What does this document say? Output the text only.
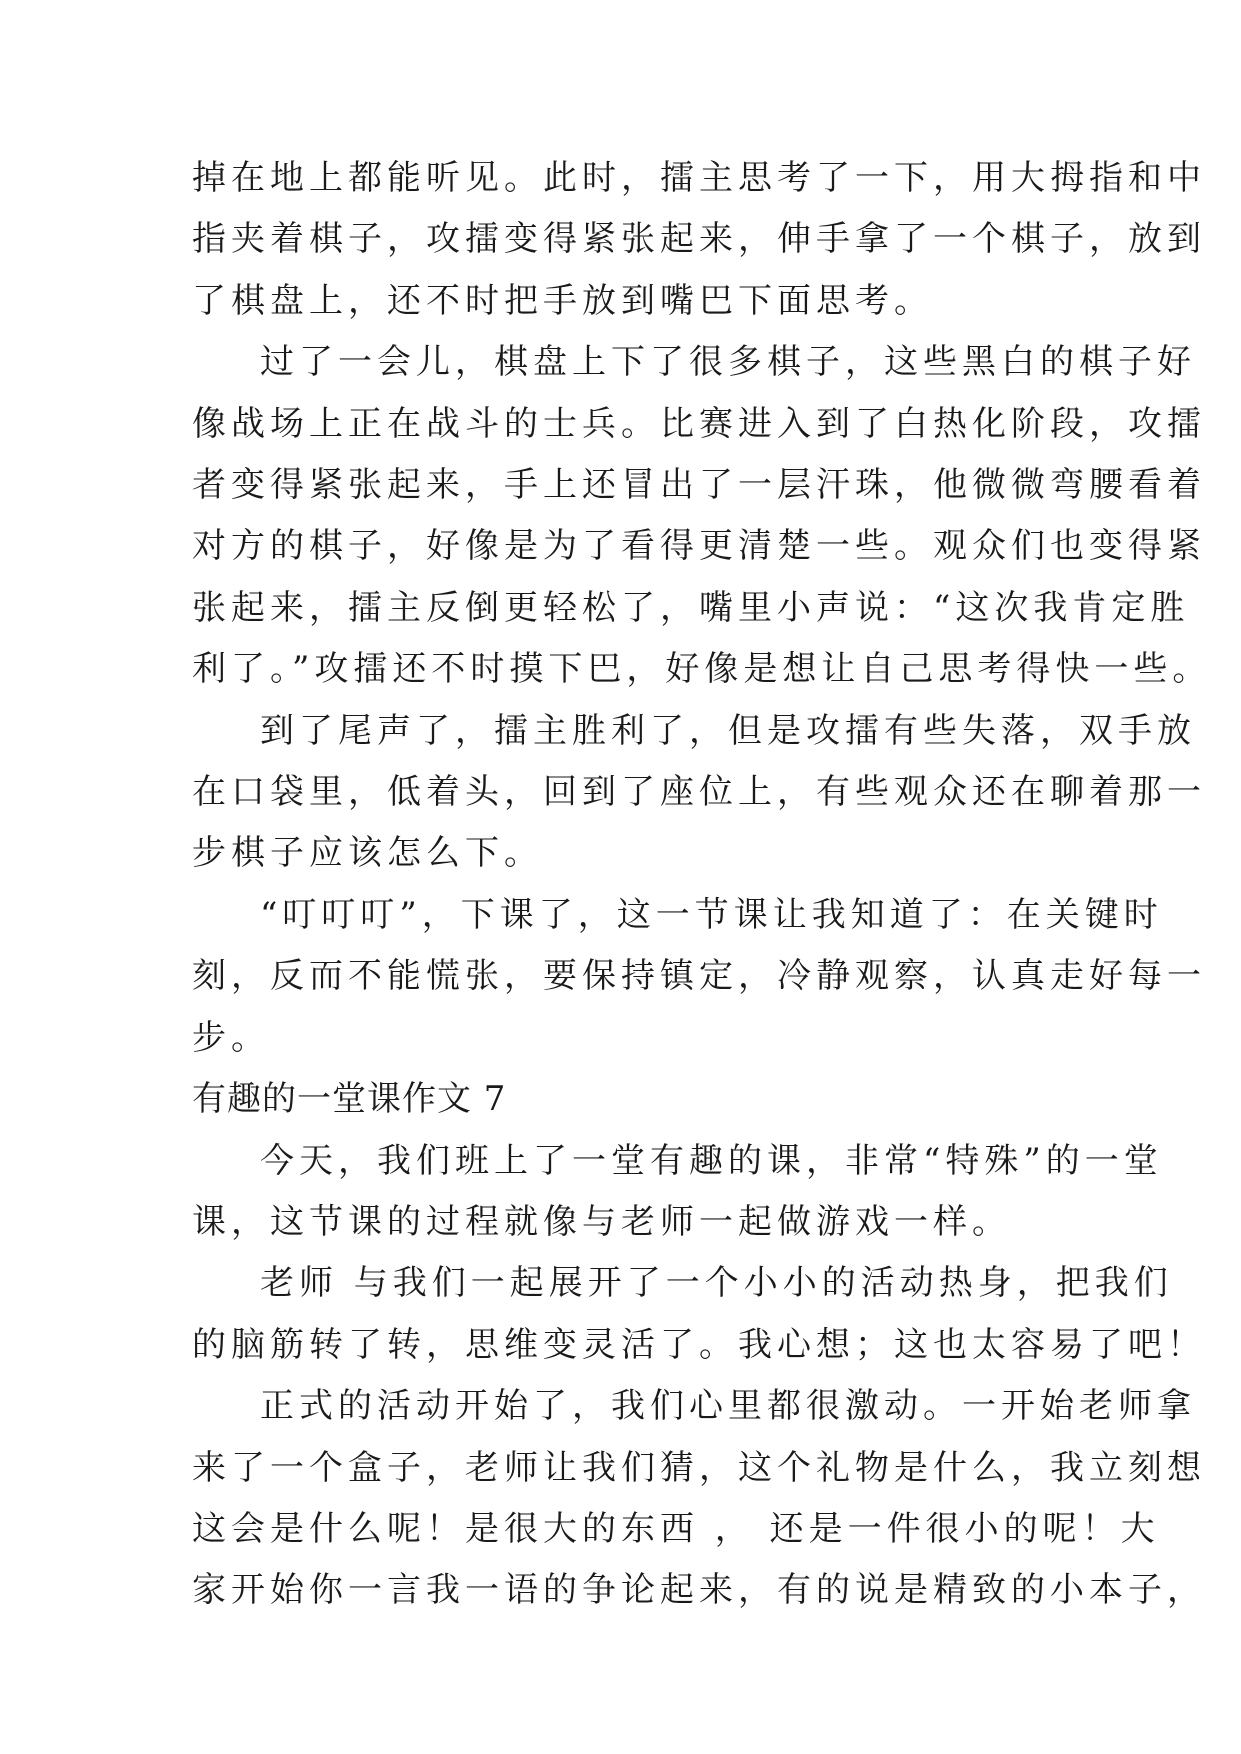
掉在地上都能听见。此时，擂主思考了一下，用大拇指和中
指夹着棋子，攻擂变得紧张起来，伸手拿了一个棋子，放到
了棋盘上，还不时把手放到嘴巴下面思考。
过了一会儿，棋盘上下了很多棋子，这些黑白的棋子好
像战场上正在战斗的士兵。比赛进入到了白热化阶段，攻擂
者变得紧张起来，手上还冒出了一层汗珠，他微微弯腰看着
对方的棋子，好像是为了看得更清楚一些。观众们也变得紧
张起来，擂主反倒更轻松了，嘴里小声说：“这次我肯定胜
利了。”攻擂还不时摸下巴，好像是想让自己思考得快一些。
到了尾声了，擂主胜利了，但是攻擂有些失落，双手放
在口袋里，低着头，回到了座位上，有些观众还在聊着那一
步棋子应该怎么下。
“叮叮叮”，下课了，这一节课让我知道了：在关键时
刻，反而不能慌张，要保持镇定，冷静观察，认真走好每一
步。
有趣的一堂课作文 7
今天，我们班上了一堂有趣的课，非常“特殊”的一堂
课，这节课的过程就像与老师一起做游戏一样。
老师 与我们一起展开了一个小小的活动热身，把我们
的脑筋转了转，思维变灵活了。我心想；这也太容易了吧！
正式的活动开始了，我们心里都很激动。一开始老师拿
来了一个盒子，老师让我们猜，这个礼物是什么，我立刻想
这会是什么呢！是很大的东西 ， 还是一件很小的呢！大
家开始你一言我一语的争论起来，有的说是精致的小本子，
